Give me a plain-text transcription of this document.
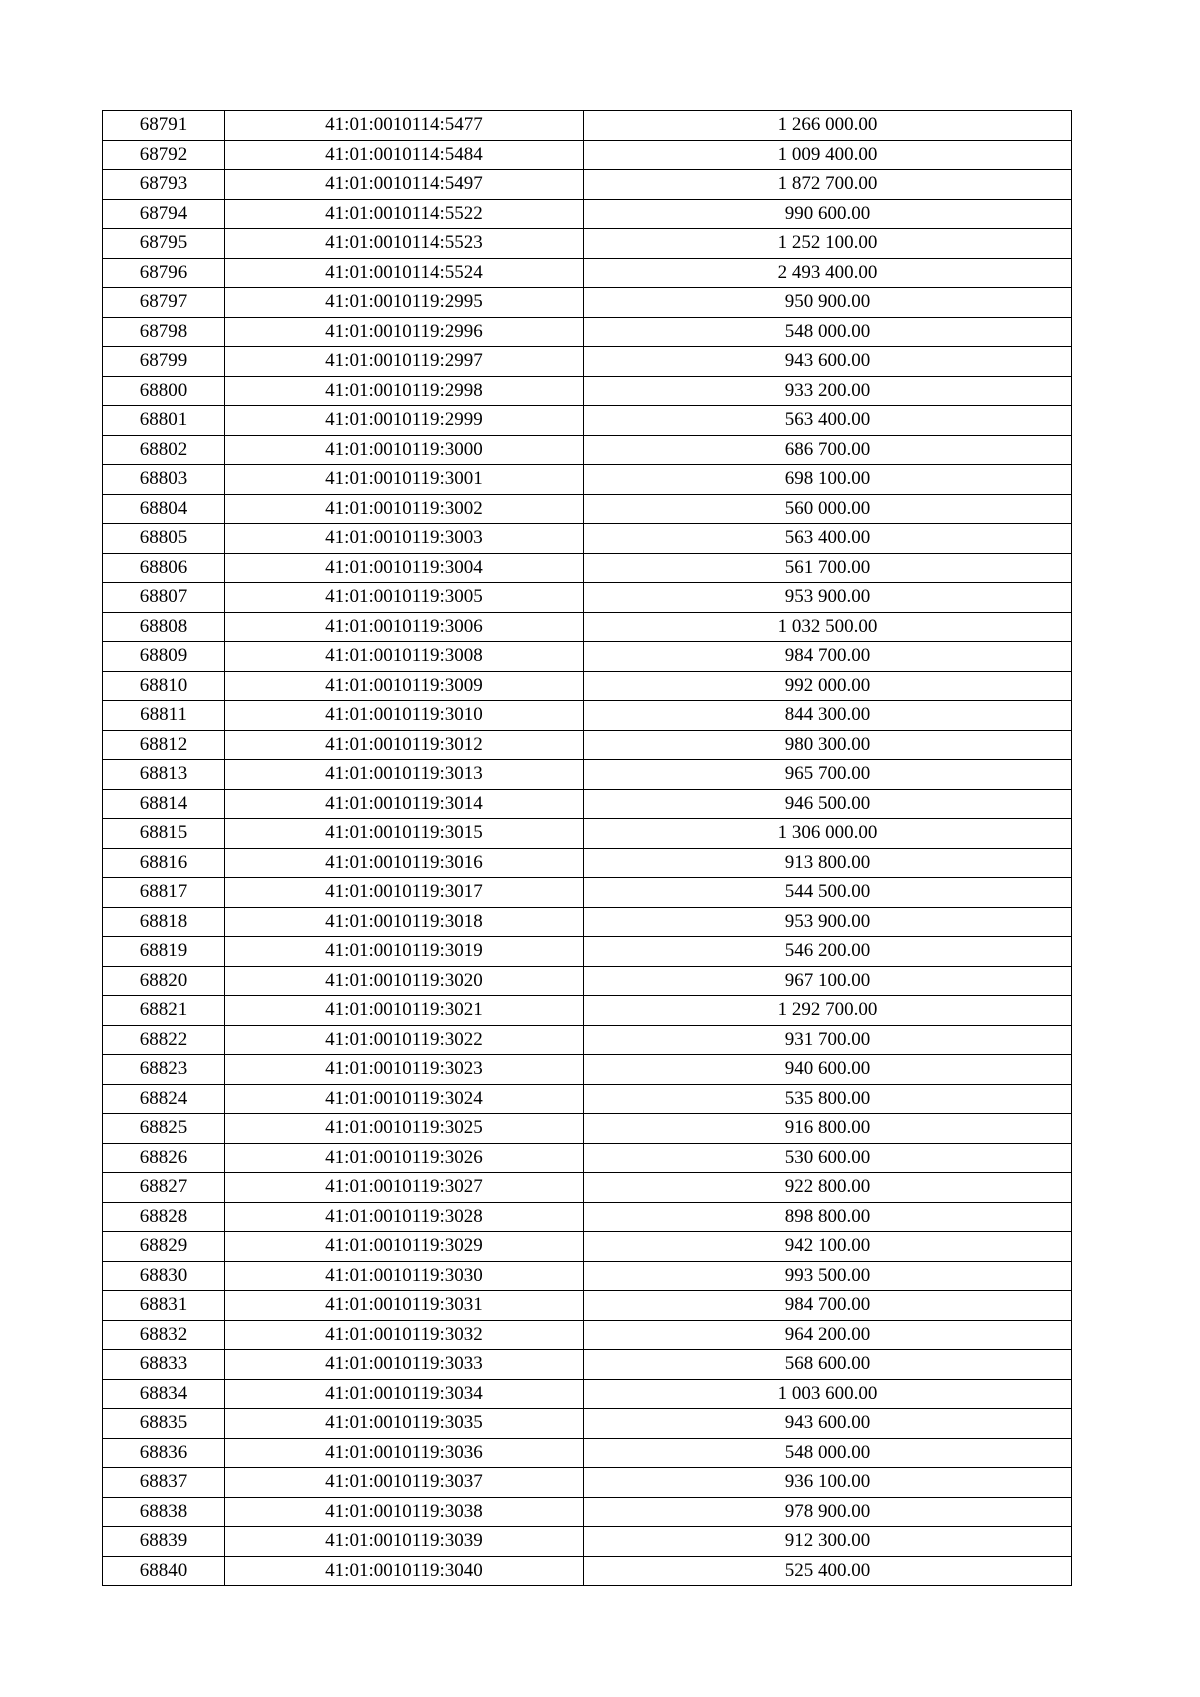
68791	41:01:0010114:5477	1 266 000.00
68792	41:01:0010114:5484	1 009 400.00
68793	41:01:0010114:5497	1 872 700.00
68794	41:01:0010114:5522	990 600.00
68795	41:01:0010114:5523	1 252 100.00
68796	41:01:0010114:5524	2 493 400.00
68797	41:01:0010119:2995	950 900.00
68798	41:01:0010119:2996	548 000.00
68799	41:01:0010119:2997	943 600.00
68800	41:01:0010119:2998	933 200.00
68801	41:01:0010119:2999	563 400.00
68802	41:01:0010119:3000	686 700.00
68803	41:01:0010119:3001	698 100.00
68804	41:01:0010119:3002	560 000.00
68805	41:01:0010119:3003	563 400.00
68806	41:01:0010119:3004	561 700.00
68807	41:01:0010119:3005	953 900.00
68808	41:01:0010119:3006	1 032 500.00
68809	41:01:0010119:3008	984 700.00
68810	41:01:0010119:3009	992 000.00
68811	41:01:0010119:3010	844 300.00
68812	41:01:0010119:3012	980 300.00
68813	41:01:0010119:3013	965 700.00
68814	41:01:0010119:3014	946 500.00
68815	41:01:0010119:3015	1 306 000.00
68816	41:01:0010119:3016	913 800.00
68817	41:01:0010119:3017	544 500.00
68818	41:01:0010119:3018	953 900.00
68819	41:01:0010119:3019	546 200.00
68820	41:01:0010119:3020	967 100.00
68821	41:01:0010119:3021	1 292 700.00
68822	41:01:0010119:3022	931 700.00
68823	41:01:0010119:3023	940 600.00
68824	41:01:0010119:3024	535 800.00
68825	41:01:0010119:3025	916 800.00
68826	41:01:0010119:3026	530 600.00
68827	41:01:0010119:3027	922 800.00
68828	41:01:0010119:3028	898 800.00
68829	41:01:0010119:3029	942 100.00
68830	41:01:0010119:3030	993 500.00
68831	41:01:0010119:3031	984 700.00
68832	41:01:0010119:3032	964 200.00
68833	41:01:0010119:3033	568 600.00
68834	41:01:0010119:3034	1 003 600.00
68835	41:01:0010119:3035	943 600.00
68836	41:01:0010119:3036	548 000.00
68837	41:01:0010119:3037	936 100.00
68838	41:01:0010119:3038	978 900.00
68839	41:01:0010119:3039	912 300.00
68840	41:01:0010119:3040	525 400.00
